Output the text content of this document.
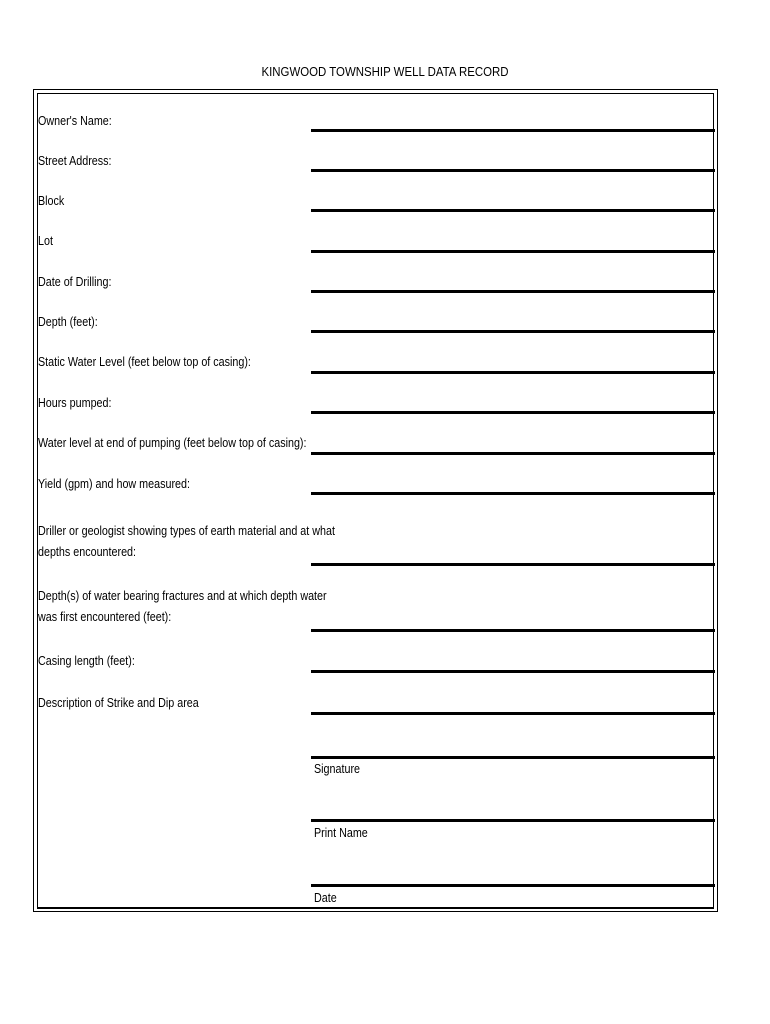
KINGWOOD TOWNSHIP WELL DATA RECORD
Owner's Name:
Street Address:
Block
Lot
Date of Drilling:
Depth (feet):
Static Water Level (feet below top of casing):
Hours pumped:
Water level at end of pumping (feet below top of casing):
Yield (gpm) and how measured:
Driller or geologist showing types of earth material and at what
depths encountered:
Depth(s) of water bearing fractures and at which depth water
was first encountered (feet):
Casing length (feet):
Description of Strike and Dip area
Signature
Print Name
Date
